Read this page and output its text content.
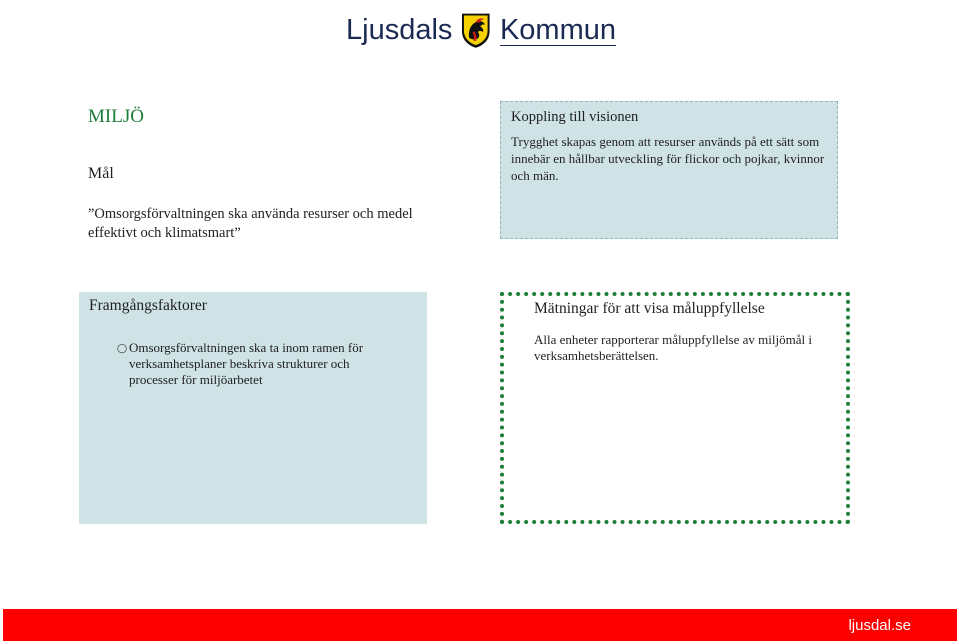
Ljusdals Kommun
MILJÖ
Mål
”Omsorgsförvaltningen ska använda resurser och medel effektivt och klimatsmart”
Koppling till visionen
Trygghet skapas genom att resurser används på ett sätt som innebär en hållbar utveckling för flickor och pojkar, kvinnor och män.
Framgångsfaktorer
◯ Omsorgsförvaltningen ska ta inom ramen för verksamhetsplaner beskriva strukturer och processer för miljöarbetet
Mätningar för att visa måluppfyllelse
Alla enheter rapporterar måluppfyllelse av miljömål i verksamhetsberättelsen.
ljusdal.se
